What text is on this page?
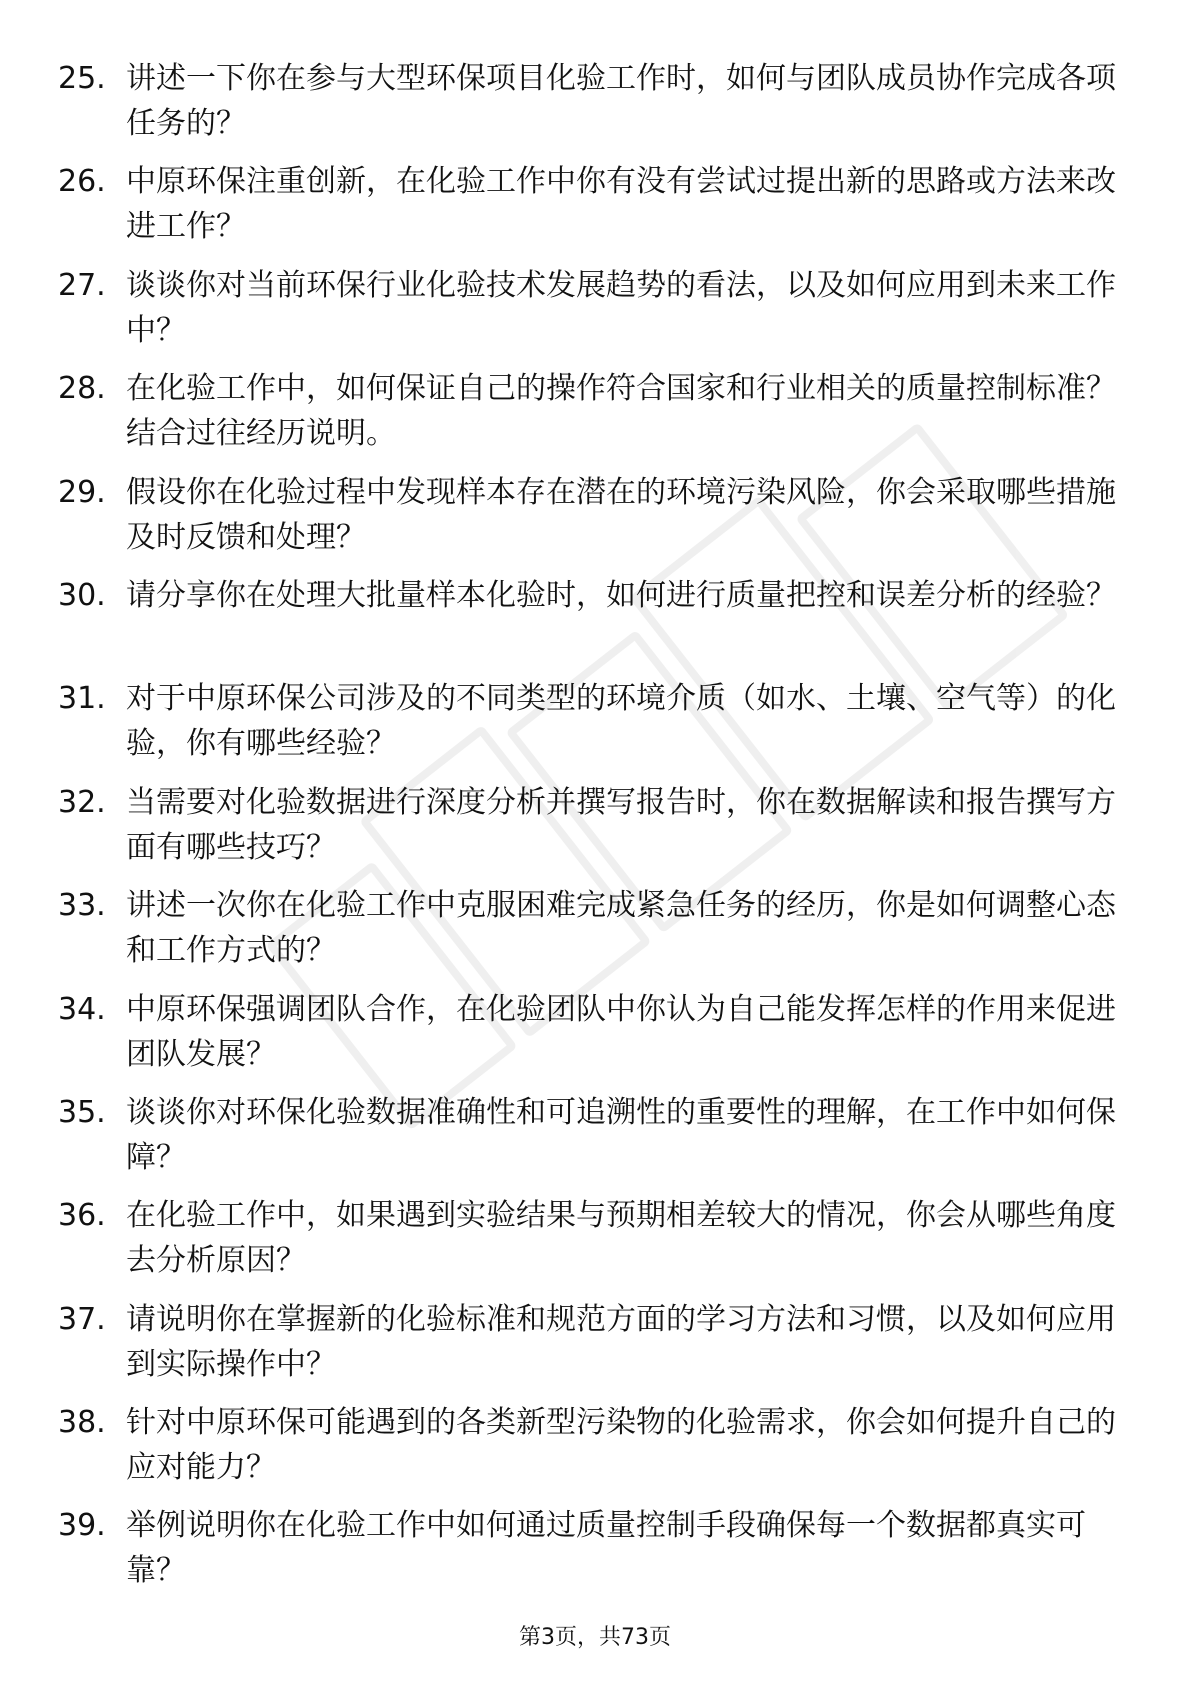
25. 讲述一下你在参与大型环保项目化验工作时，如何与团队成员协作完成各项任务的？
26. 中原环保注重创新，在化验工作中你有没有尝试过提出新的思路或方法来改进工作？
27. 谈谈你对当前环保行业化验技术发展趋势的看法，以及如何应用到未来工作中？
28. 在化验工作中，如何保证自己的操作符合国家和行业相关的质量控制标准？结合过往经历说明。
29. 假设你在化验过程中发现样本存在潜在的环境污染风险，你会采取哪些措施及时反馈和处理？
30. 请分享你在处理大批量样本化验时，如何进行质量把控和误差分析的经验？
31. 对于中原环保公司涉及的不同类型的环境介质（如水、土壤、空气等）的化验，你有哪些经验？
32. 当需要对化验数据进行深度分析并撰写报告时，你在数据解读和报告撰写方面有哪些技巧？
33. 讲述一次你在化验工作中克服困难完成紧急任务的经历，你是如何调整心态和工作方式的？
34. 中原环保强调团队合作，在化验团队中你认为自己能发挥怎样的作用来促进团队发展？
35. 谈谈你对环保化验数据准确性和可追溯性的重要性的理解，在工作中如何保障？
36. 在化验工作中，如果遇到实验结果与预期相差较大的情况，你会从哪些角度去分析原因？
37. 请说明你在掌握新的化验标准和规范方面的学习方法和习惯，以及如何应用到实际操作中？
38. 针对中原环保可能遇到的各类新型污染物的化验需求，你会如何提升自己的应对能力？
39. 举例说明你在化验工作中如何通过质量控制手段确保每一个数据都真实可靠？
第3页，共73页
